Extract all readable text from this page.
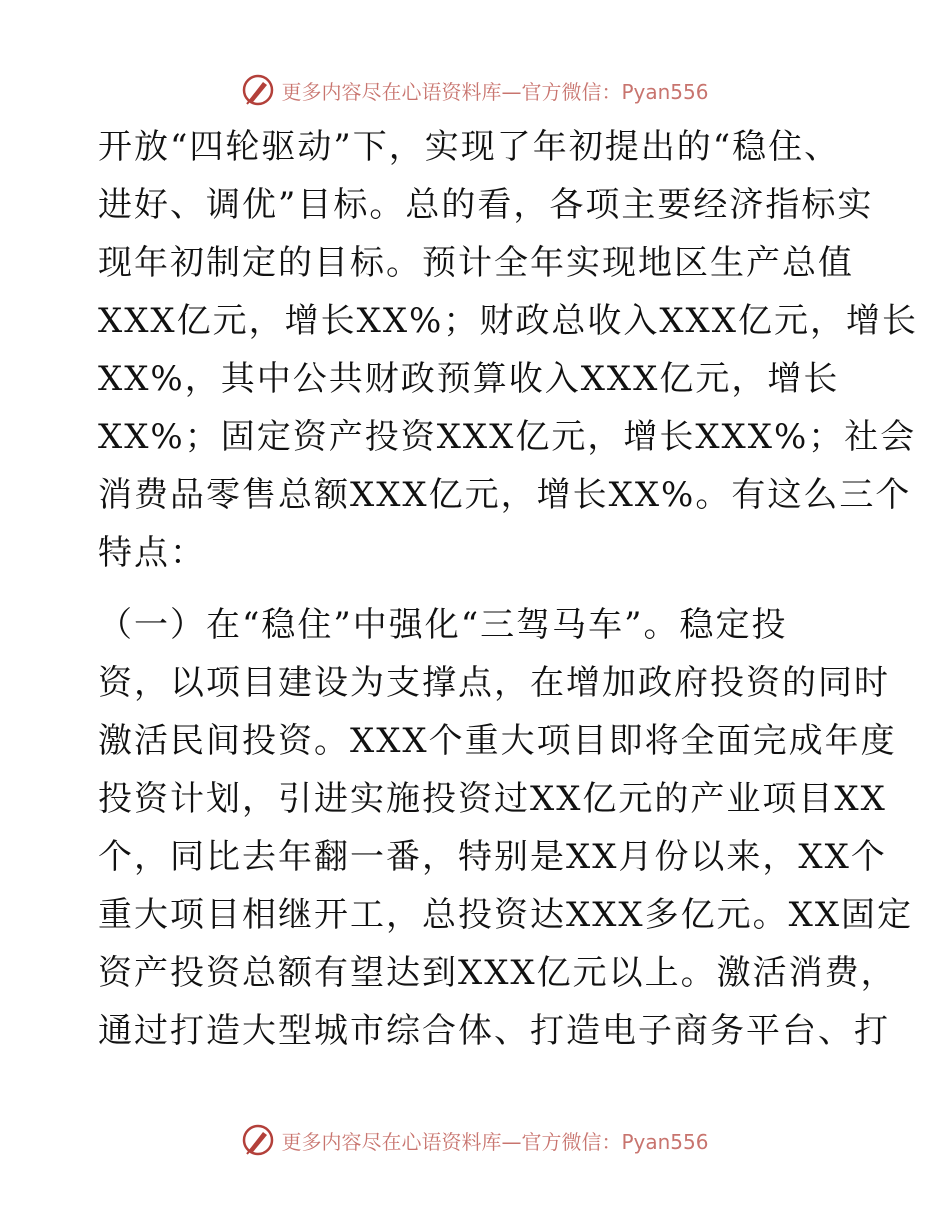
更多内容尽在心语资料库—官方微信：Pyan556
开放“四轮驱动”下，实现了年初提出的“稳住、
进好、调优”目标。总的看，各项主要经济指标实
现年初制定的目标。预计全年实现地区生产总值
XXX亿元，增长XX%；财政总收入XXX亿元，增长
XX%，其中公共财政预算收入XXX亿元，增长
XX%；固定资产投资XXX亿元，增长XXX%；社会
消费品零售总额XXX亿元，增长XX%。有这么三个
特点：
（一）在“稳住”中强化“三驾马车”。稳定投
资，以项目建设为支撑点，在增加政府投资的同时
激活民间投资。XXX个重大项目即将全面完成年度
投资计划，引进实施投资过XX亿元的产业项目XX
个，同比去年翻一番，特别是XX月份以来，XX个
重大项目相继开工，总投资达XXX多亿元。XX固定
资产投资总额有望达到XXX亿元以上。激活消费，
通过打造大型城市综合体、打造电子商务平台、打
更多内容尽在心语资料库—官方微信：Pyan556
